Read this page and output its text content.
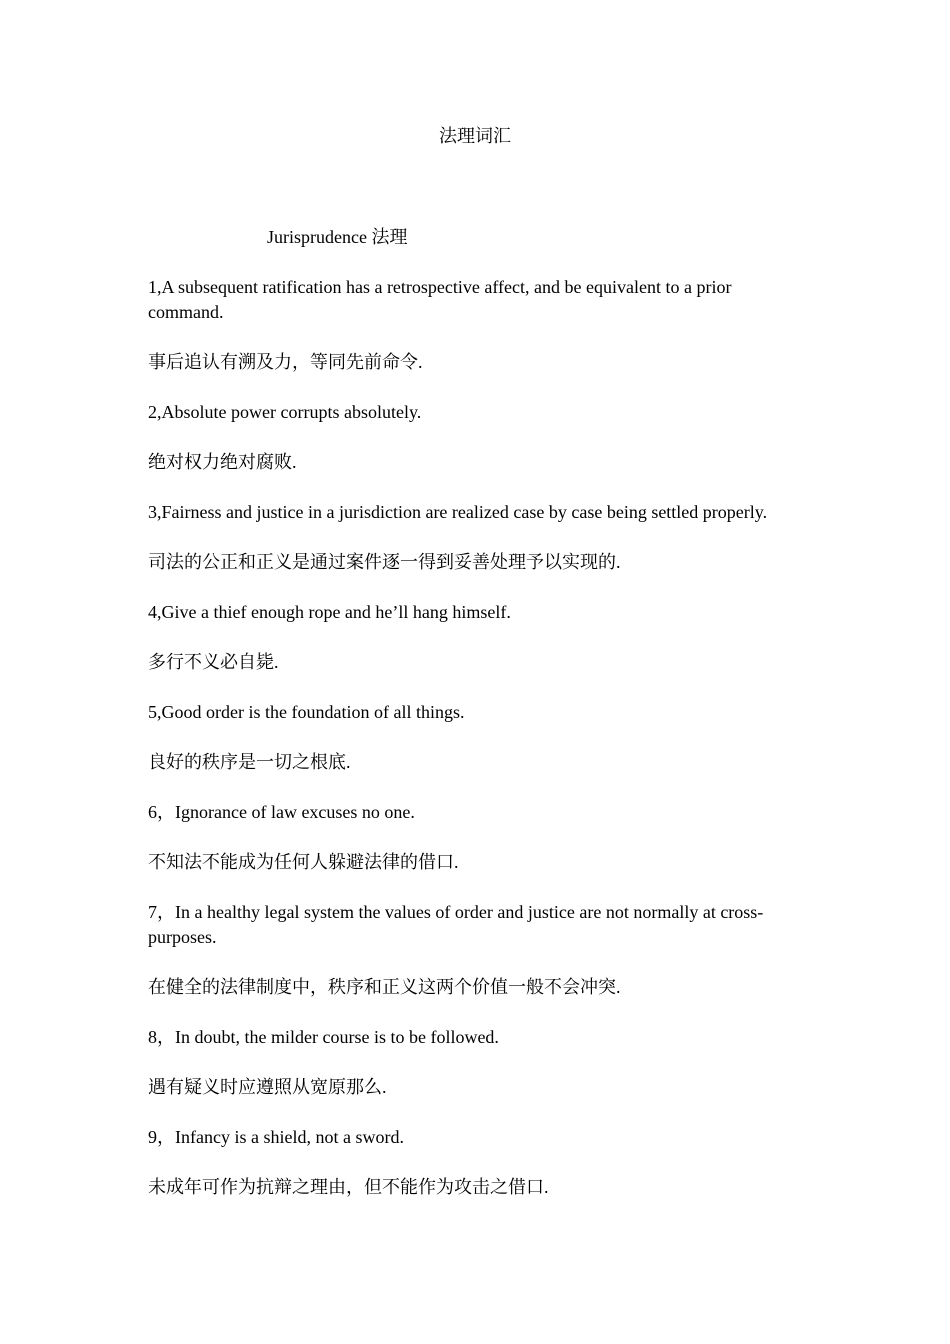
法理词汇
Jurisprudence 法理

1,A subsequent ratification has a retrospective affect, and be equivalent to a prior command.

事后追认有溯及力，等同先前命令.

2,Absolute power corrupts absolutely.

绝对权力绝对腐败.

3,Fairness and justice in a jurisdiction are realized case by case being settled properly.

司法的公正和正义是通过案件逐一得到妥善处理予以实现的.

4,Give a thief enough rope and he’ll hang himself.

多行不义必自毙.

5,Good order is the foundation of all things.

良好的秩序是一切之根底.

6，Ignorance of law excuses no one.

不知法不能成为任何人躲避法律的借口.

7，In a healthy legal system the values of order and justice are not normally at cross-purposes.

在健全的法律制度中，秩序和正义这两个价值一般不会冲突.

8，In doubt, the milder course is to be followed.

遇有疑义时应遵照从宽原那么.

9，Infancy is a shield, not a sword.

未成年可作为抗辩之理由，但不能作为攻击之借口.
